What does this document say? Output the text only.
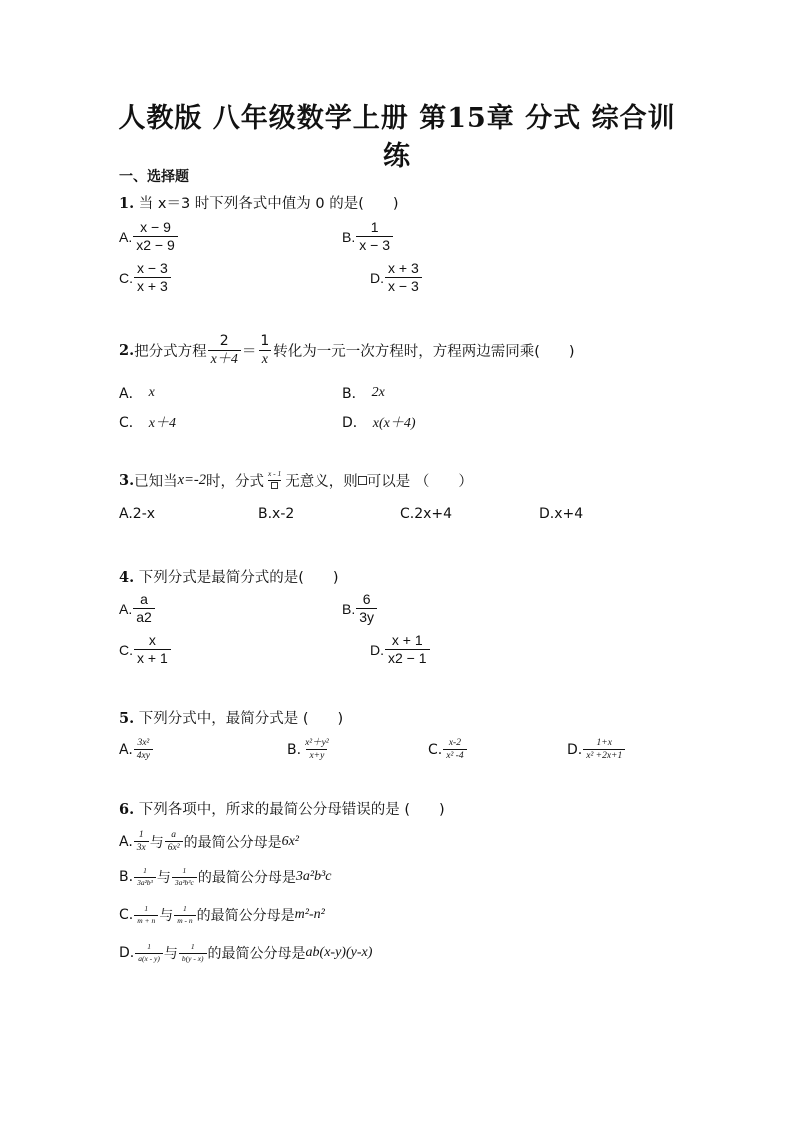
人教版 八年级数学上册 第15章 分式 综合训
练
一、选择题
1. 当 x＝3 时下列各式中值为 0 的是(　　)
A. $\frac{x - 9}{x2 - 9}$	B. $\frac{1}{x - 3}$
C. $\frac{x - 3}{x + 3}$	D. $\frac{x + 3}{x - 3}$
2. 把分式方程 $\frac{2}{x+4} = \frac{1}{x}$ 转化为一元一次方程时，方程两边需同乘(　　)
A． x	B． 2x
C． x＋4	D． x(x＋4)
3. 已知当 x=-2 时，分式
x - 1
无意义，则 可以是 （　　）
A.2-x	B.x-2	C.2x+4	D.x+4
4. 下列分式是最简分式的是(　　)
A. $\frac{a}{a2}$	B. $\frac{6}{3y}$
C. $\frac{x}{x + 1}$	D. $\frac{x + 1}{x2 - 1}$
5. 下列分式中，最简分式是 (　　)
A. $\frac{\text{3x²}}{4xy}$	B. $\frac{\text{x²＋y²}}{x+y}$	C. $\frac{x-2}{\text{x² -4}}$	D. $\frac{1+x}{\text{x² +2x+1}}$
6. 下列各项中，所求的最简公分母错误的是 (　　)
A. $\frac{1}{3x}$ 与 $\frac{a}{\text{6x²}}$ 的最简公分母是 6x²
B. $\frac{1}{\text{3a²b³}}$ 与 $\frac{1}{\text{3a²b³c}}$ 的最简公分母是 3a²b³c
C. $\frac{1}{m + n}$ 与 $\frac{1}{m - n}$ 的最简公分母是 m²-n²
D. $\frac{1}{a(x - y)}$ 与 $\frac{1}{b(y - x)}$ 的最简公分母是 ab(x-y)(y-x)
